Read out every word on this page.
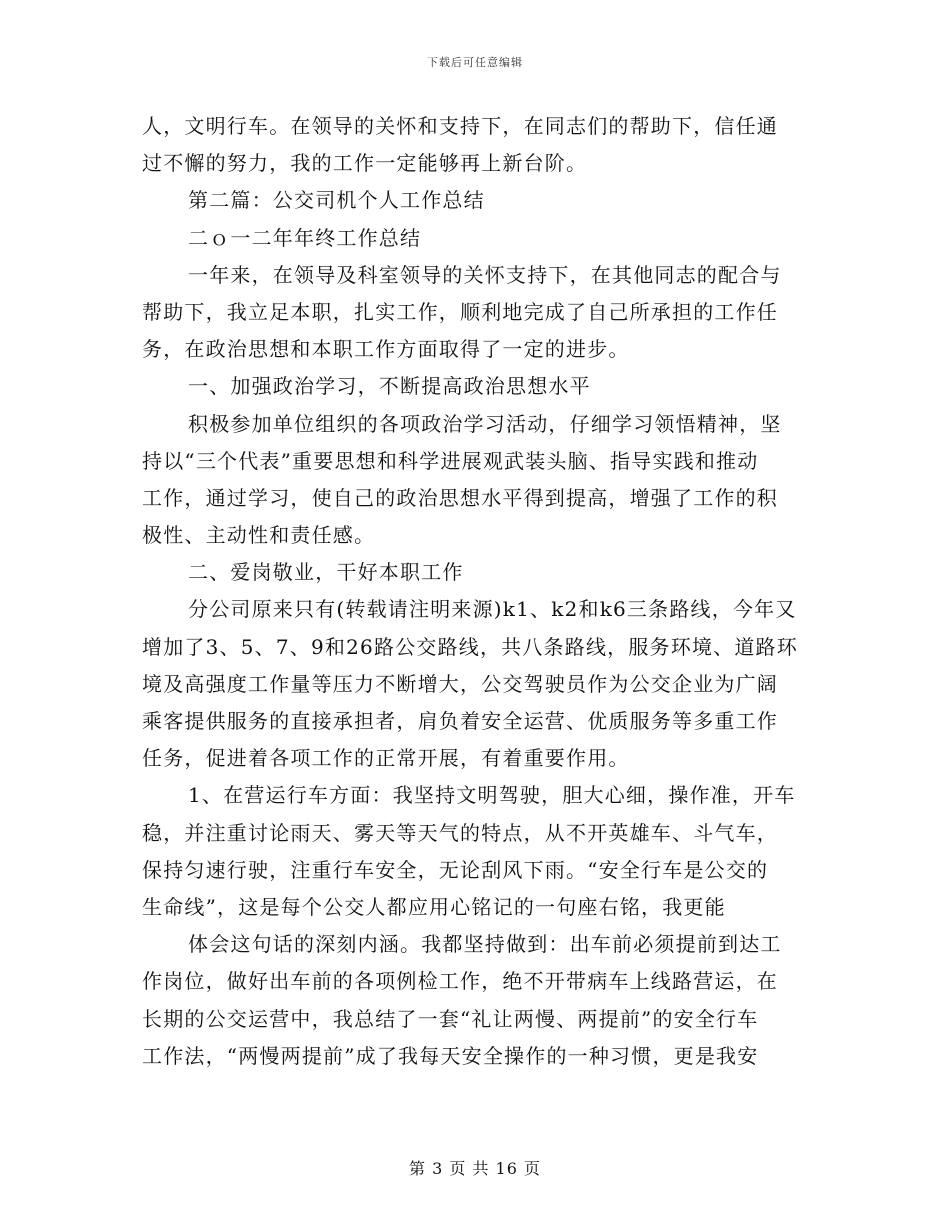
下载后可任意编辑
人，文明行车。在领导的关怀和支持下，在同志们的帮助下，信任通
过不懈的努力，我的工作一定能够再上新台阶。
第二篇：公交司机个人工作总结
二ｏ一二年年终工作总结
一年来，在领导及科室领导的关怀支持下，在其他同志的配合与
帮助下，我立足本职，扎实工作，顺利地完成了自己所承担的工作任
务，在政治思想和本职工作方面取得了一定的进步。
一、加强政治学习，不断提高政治思想水平
积极参加单位组织的各项政治学习活动，仔细学习领悟精神，坚
持以“三个代表”重要思想和科学进展观武装头脑、指导实践和推动
工作，通过学习，使自己的政治思想水平得到提高，增强了工作的积
极性、主动性和责任感。
二、爱岗敬业，干好本职工作
分公司原来只有(转载请注明来源)k1、k2和k6三条路线，今年又
增加了3、5、7、9和26路公交路线，共八条路线，服务环境、道路环
境及高强度工作量等压力不断增大，公交驾驶员作为公交企业为广阔
乘客提供服务的直接承担者，肩负着安全运营、优质服务等多重工作
任务，促进着各项工作的正常开展，有着重要作用。
1、在营运行车方面：我坚持文明驾驶，胆大心细，操作准，开车
稳，并注重讨论雨天、雾天等天气的特点，从不开英雄车、斗气车，
保持匀速行驶，注重行车安全，无论刮风下雨。“安全行车是公交的
生命线”，这是每个公交人都应用心铭记的一句座右铭，我更能
体会这句话的深刻内涵。我都坚持做到：出车前必须提前到达工
作岗位，做好出车前的各项例检工作，绝不开带病车上线路营运，在
长期的公交运营中，我总结了一套“礼让两慢、两提前”的安全行车
工作法，“两慢两提前”成了我每天安全操作的一种习惯，更是我安
第 3 页 共 16 页
